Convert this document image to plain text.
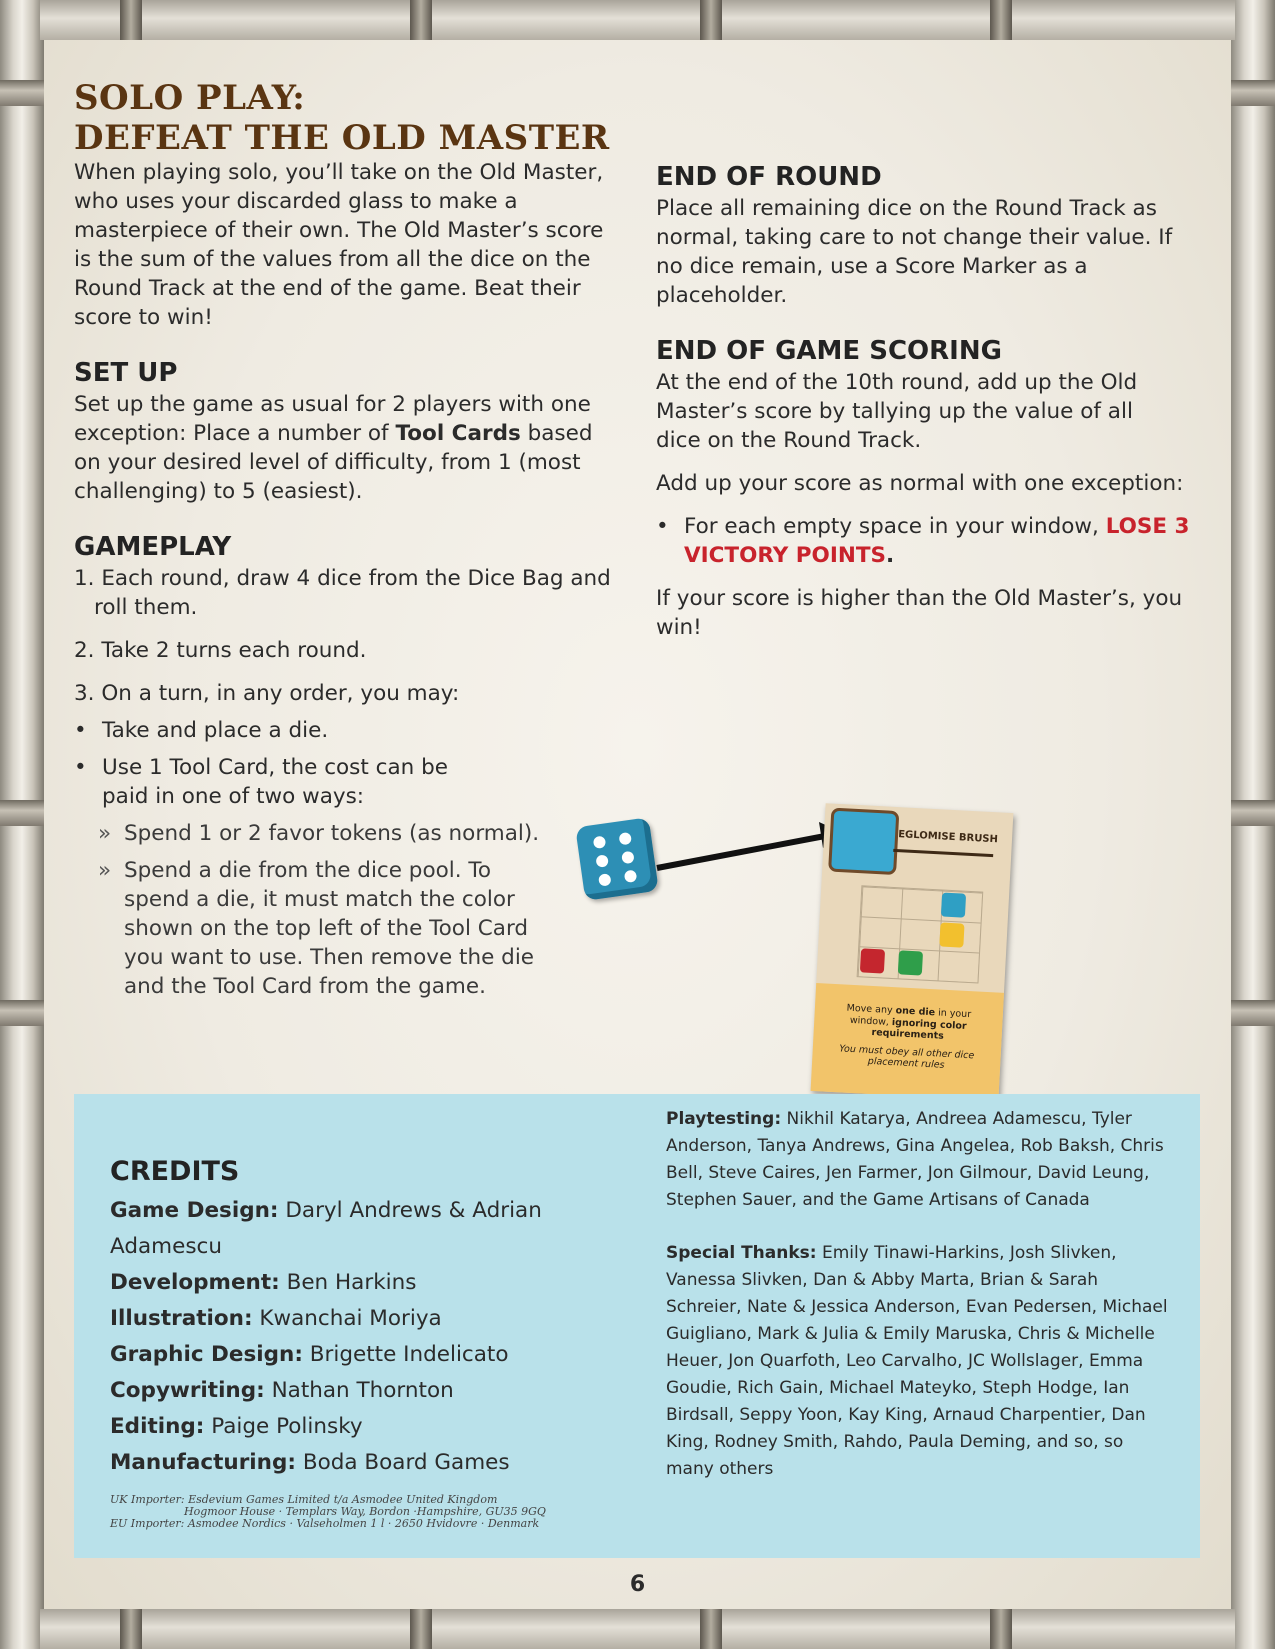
SOLO PLAY:
DEFEAT THE OLD MASTER

When playing solo, you’ll take on the Old Master, who uses your discarded glass to make a masterpiece of their own. The Old Master’s score is the sum of the values from all the dice on the Round Track at the end of the game. Beat their score to win!

SET UP

Set up the game as usual for 2 players with one exception: Place a number of Tool Cards based on your desired level of difficulty, from 1 (most challenging) to 5 (easiest).

GAMEPLAY

1. Each round, draw 4 dice from the Dice Bag and roll them.

2. Take 2 turns each round.

3. On a turn, in any order, you may:

• Take and place a die.
• Use 1 Tool Card, the cost can be paid in one of two ways:
» Spend 1 or 2 favor tokens (as normal).
» Spend a die from the dice pool. To spend a die, it must match the color shown on the top left of the Tool Card you want to use. Then remove the die and the Tool Card from the game.
END OF ROUND

Place all remaining dice on the Round Track as normal, taking care to not change their value. If no dice remain, use a Score Marker as a placeholder.

END OF GAME SCORING

At the end of the 10th round, add up the Old Master’s score by tallying up the value of all dice on the Round Track.

Add up your score as normal with one exception:

• For each empty space in your window, LOSE 3 VICTORY POINTS.

If your score is higher than the Old Master’s, you win!

EGLOMISE BRUSH
Move any one die in your window, ignoring color requirements
You must obey all other dice placement rules

CREDITS

Game Design: Daryl Andrews & Adrian Adamescu

Development: Ben Harkins

Illustration: Kwanchai Moriya

Graphic Design: Brigette Indelicato

Copywriting: Nathan Thornton

Editing: Paige Polinsky

Manufacturing: Boda Board Games

UK Importer: Esdevium Games Limited t/a Asmodee United Kingdom
Hogmoor House · Templars Way, Bordon ·Hampshire, GU35 9GQ
EU Importer: Asmodee Nordics · Valseholmen 1 l · 2650 Hvidovre · Denmark

Playtesting: Nikhil Katarya, Andreea Adamescu, Tyler Anderson, Tanya Andrews, Gina Angelea, Rob Baksh, Chris Bell, Steve Caires, Jen Farmer, Jon Gilmour, David Leung, Stephen Sauer, and the Game Artisans of Canada

Special Thanks: Emily Tinawi-Harkins, Josh Slivken, Vanessa Slivken, Dan & Abby Marta, Brian & Sarah Schreier, Nate & Jessica Anderson, Evan Pedersen, Michael Guigliano, Mark & Julia & Emily Maruska, Chris & Michelle Heuer, Jon Quarfoth, Leo Carvalho, JC Wollslager, Emma Goudie, Rich Gain, Michael Mateyko, Steph Hodge, Ian Birdsall, Seppy Yoon, Kay King, Arnaud Charpentier, Dan King, Rodney Smith, Rahdo, Paula Deming, and so, so many others

6
